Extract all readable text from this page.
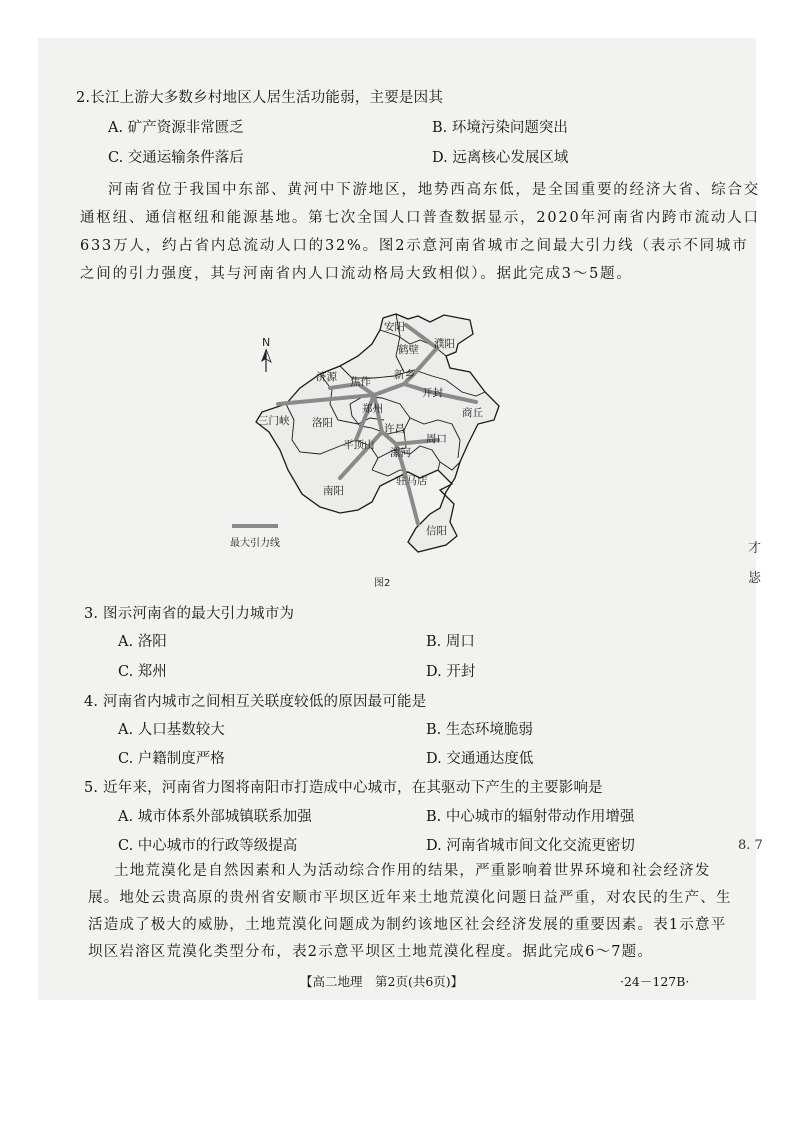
2.长江上游大多数乡村地区人居生活功能弱，主要是因其
A. 矿产资源非常匮乏	B. 环境污染问题突出
C. 交通运输条件落后	D. 远离核心发展区域
河南省位于我国中东部、黄河中下游地区，地势西高东低，是全国重要的经济大省、综合交
通枢纽、通信枢纽和能源基地。第七次全国人口普查数据显示，2020年河南省内跨市流动人口
633万人，约占省内总流动人口的32%。图2示意河南省城市之间最大引力线（表示不同城市
之间的引力强度，其与河南省内人口流动格局大致相似）。据此完成3～5题。
N
安阳
鹤壁 濮阳
新乡
焦作
济源
开封
郑州	商丘
三门峡 洛阳	许昌
平顶山
漯河
周口
南阳
驻马店
信阳
最大引力线
图2
3. 图示河南省的最大引力城市为
A. 洛阳	B. 周口
C. 郑州	D. 开封
4. 河南省内城市之间相互关联度较低的原因最可能是
A. 人口基数较大	B. 生态环境脆弱
C. 户籍制度严格	D. 交通通达度低
5. 近年来，河南省力图将南阳市打造成中心城市，在其驱动下产生的主要影响是
A. 城市体系外部城镇联系加强	B. 中心城市的辐射带动作用增强
C. 中心城市的行政等级提高	D. 河南省城市间文化交流更密切
土地荒漠化是自然因素和人为活动综合作用的结果，严重影响着世界环境和社会经济发
展。地处云贵高原的贵州省安顺市平坝区近年来土地荒漠化问题日益严重，对农民的生产、生
活造成了极大的威胁，土地荒漠化问题成为制约该地区社会经济发展的重要因素。表1示意平
坝区岩溶区荒漠化类型分布，表2示意平坝区土地荒漠化程度。据此完成6～7题。
【高二地理　第2页(共6页)】	·24－127B·
才
毖
8. 7
